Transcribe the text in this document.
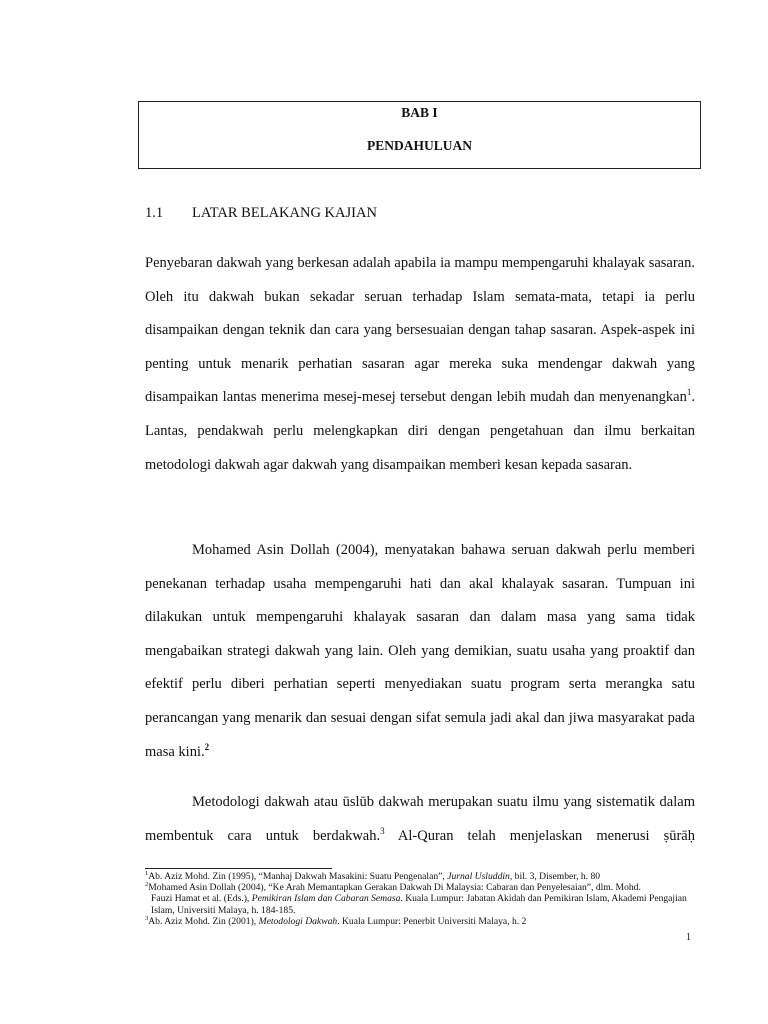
BAB I
PENDAHULUAN
1.1 LATAR BELAKANG KAJIAN

Penyebaran dakwah yang berkesan adalah apabila ia mampu mempengaruhi khalayak sasaran. Oleh itu dakwah bukan sekadar seruan terhadap Islam semata-mata, tetapi ia perlu disampaikan dengan teknik dan cara yang bersesuaian dengan tahap sasaran. Aspek-aspek ini penting untuk menarik perhatian sasaran agar mereka suka mendengar dakwah yang disampaikan lantas menerima mesej-mesej tersebut dengan lebih mudah dan menyenangkan$^1$. Lantas, pendakwah perlu melengkapkan diri dengan pengetahuan dan ilmu berkaitan metodologi dakwah agar dakwah yang disampaikan memberi kesan kepada sasaran.

Mohamed Asin Dollah (2004), menyatakan bahawa seruan dakwah perlu memberi penekanan terhadap usaha mempengaruhi hati dan akal khalayak sasaran. Tumpuan ini dilakukan untuk mempengaruhi khalayak sasaran dan dalam masa yang sama tidak mengabaikan strategi dakwah yang lain. Oleh yang demikian, suatu usaha yang proaktif dan efektif perlu diberi perhatian seperti menyediakan suatu program serta merangka satu perancangan yang menarik dan sesuai dengan sifat semula jadi akal dan jiwa masyarakat pada masa kini.$^2$

Metodologi dakwah atau ūslūb dakwah merupakan suatu ilmu yang sistematik dalam membentuk cara untuk berdakwah.$^3$ Al-Quran telah menjelaskan menerusi ṣūrāḥ

$^1$Ab. Aziz Mohd. Zin (1995), “Manhaj Dakwah Masakini: Suatu Pengenalan”, Jurnal Usluddin, bil. 3, Disember, h. 80

$^2$Mohamed Asin Dollah (2004), “Ke Arah Memantapkan Gerakan Dakwah Di Malaysia: Cabaran dan Penyelesaian”, dlm. Mohd.
Fauzi Hamat et al. (Eds.), Pemikiran Islam dan Cabaran Semasa. Kuala Lumpur: Jabatan Akidah dan Pemikiran Islam, Akademi Pengajian Islam, Universiti Malaya, h. 184-185.

$^3$Ab. Aziz Mohd. Zin (2001), Metodologi Dakwah. Kuala Lumpur: Penerbit Universiti Malaya, h. 2

1
